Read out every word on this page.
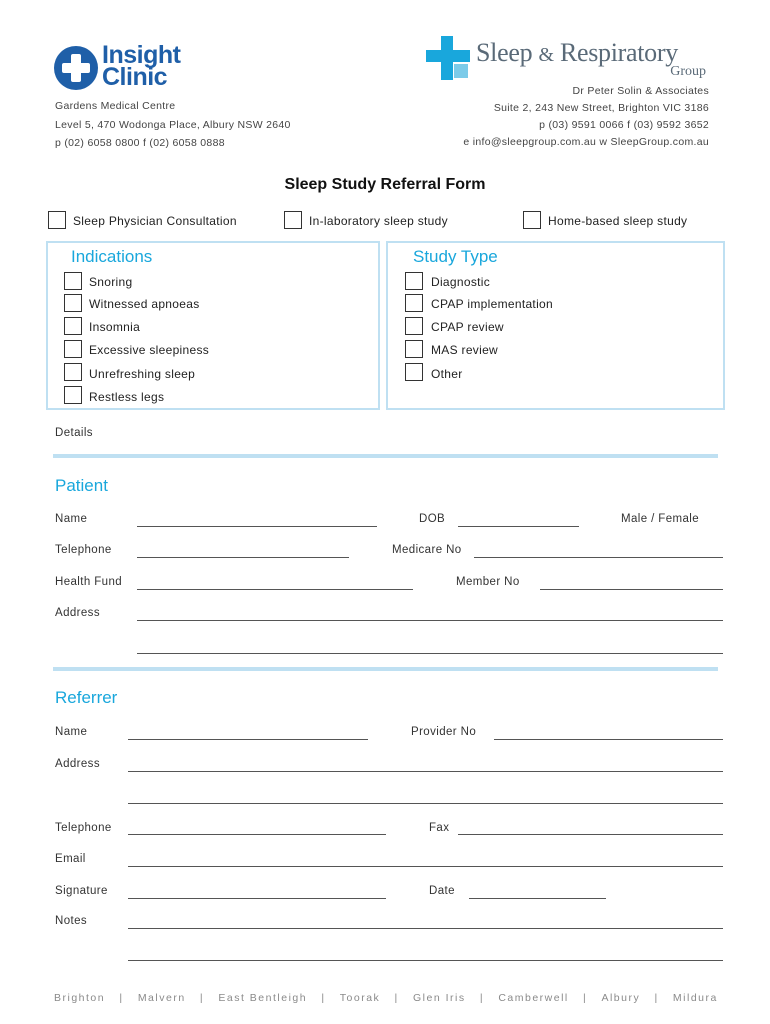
Insight
Clinic
Sleep & Respiratory
Group
Gardens Medical Centre
Level 5, 470 Wodonga Place, Albury NSW 2640
p (02) 6058 0800 f (02) 6058 0888
Dr Peter Solin & Associates
Suite 2, 243 New Street, Brighton VIC 3186
p (03) 9591 0066 f (03) 9592 3652
e info@sleepgroup.com.au w SleepGroup.com.au
Sleep Study Referral Form
Sleep Physician Consultation	In-laboratory sleep study	Home-based sleep study
Indications
Snoring
Witnessed apnoeas
Insomnia
Excessive sleepiness
Unrefreshing sleep
Restless legs
Study Type
Diagnostic
CPAP implementation
CPAP review
MAS review
Other
Details
Patient
Name	DOB	Male / Female
Telephone	Medicare No
Health Fund	Member No
Address
Referrer
Name	Provider No
Address
Telephone	Fax
Email
Signature	Date
Notes
Brighton | Malvern | East Bentleigh | Toorak | Glen Iris | Camberwell | Albury | Mildura
